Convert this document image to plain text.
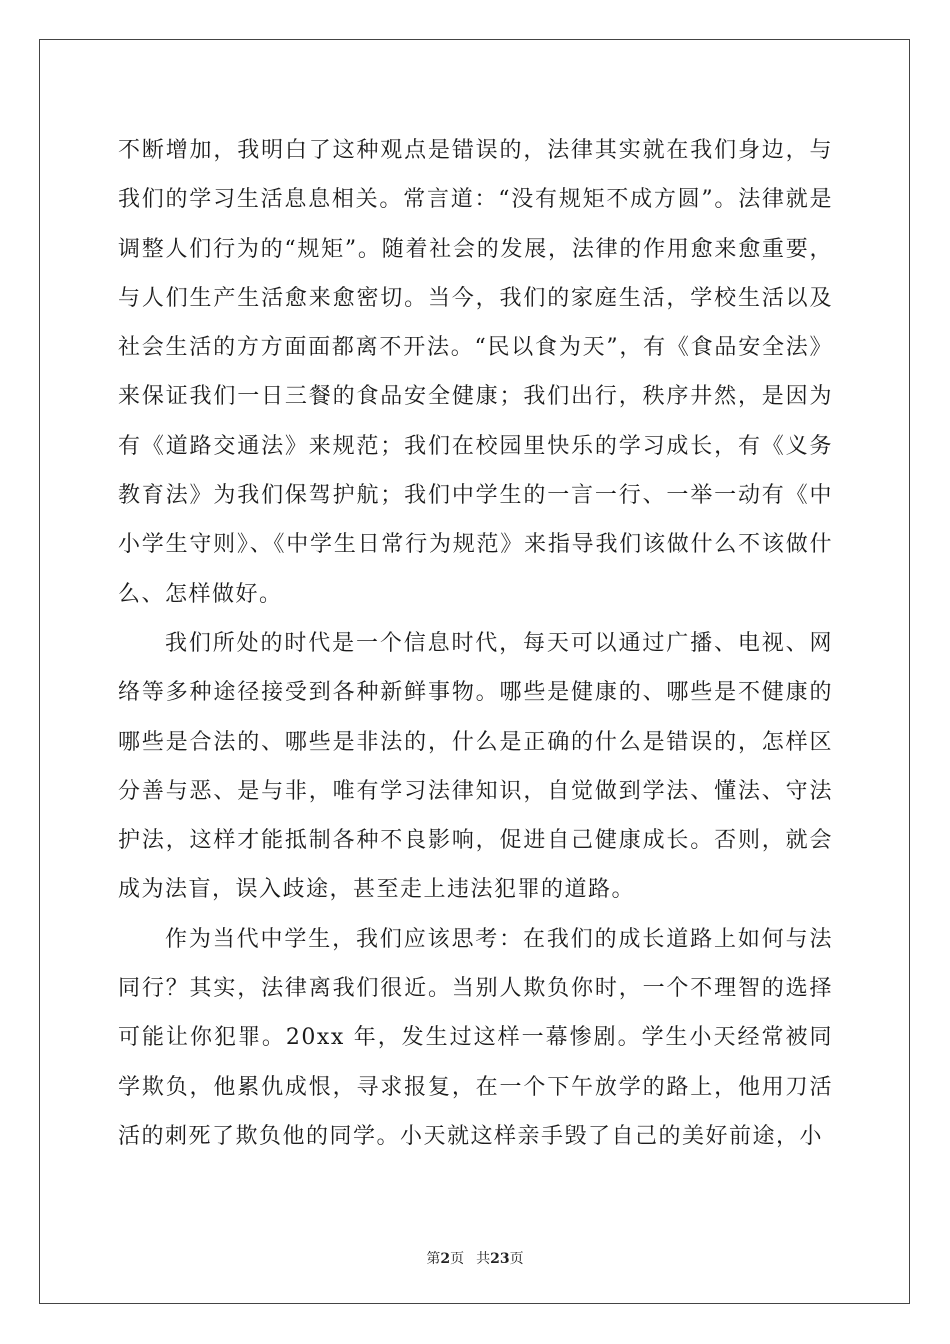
不断增加，我明白了这种观点是错误的，法律其实就在我们身边，与我们的学习生活息息相关。常言道：“没有规矩不成方圆”。法律就是调整人们行为的“规矩”。随着社会的发展，法律的作用愈来愈重要，与人们生产生活愈来愈密切。当今，我们的家庭生活，学校生活以及社会生活的方方面面都离不开法。“民以食为天”，有《食品安全法》来保证我们一日三餐的食品安全健康；我们出行，秩序井然，是因为有《道路交通法》来规范；我们在校园里快乐的学习成长，有《义务教育法》为我们保驾护航；我们中学生的一言一行、一举一动有《中小学生守则》、《中学生日常行为规范》来指导我们该做什么不该做什么、怎样做好。

我们所处的时代是一个信息时代，每天可以通过广播、电视、网络等多种途径接受到各种新鲜事物。哪些是健康的、哪些是不健康的哪些是合法的、哪些是非法的，什么是正确的什么是错误的，怎样区分善与恶、是与非，唯有学习法律知识，自觉做到学法、懂法、守法护法，这样才能抵制各种不良影响，促进自己健康成长。否则，就会成为法盲，误入歧途，甚至走上违法犯罪的道路。

作为当代中学生，我们应该思考：在我们的成长道路上如何与法同行？其实，法律离我们很近。当别人欺负你时，一个不理智的选择可能让你犯罪。20xx 年，发生过这样一幕惨剧。学生小天经常被同学欺负，他累仇成恨，寻求报复，在一个下午放学的路上，他用刀活活的刺死了欺负他的同学。小天就这样亲手毁了自己的美好前途，小

第2页 共23页
